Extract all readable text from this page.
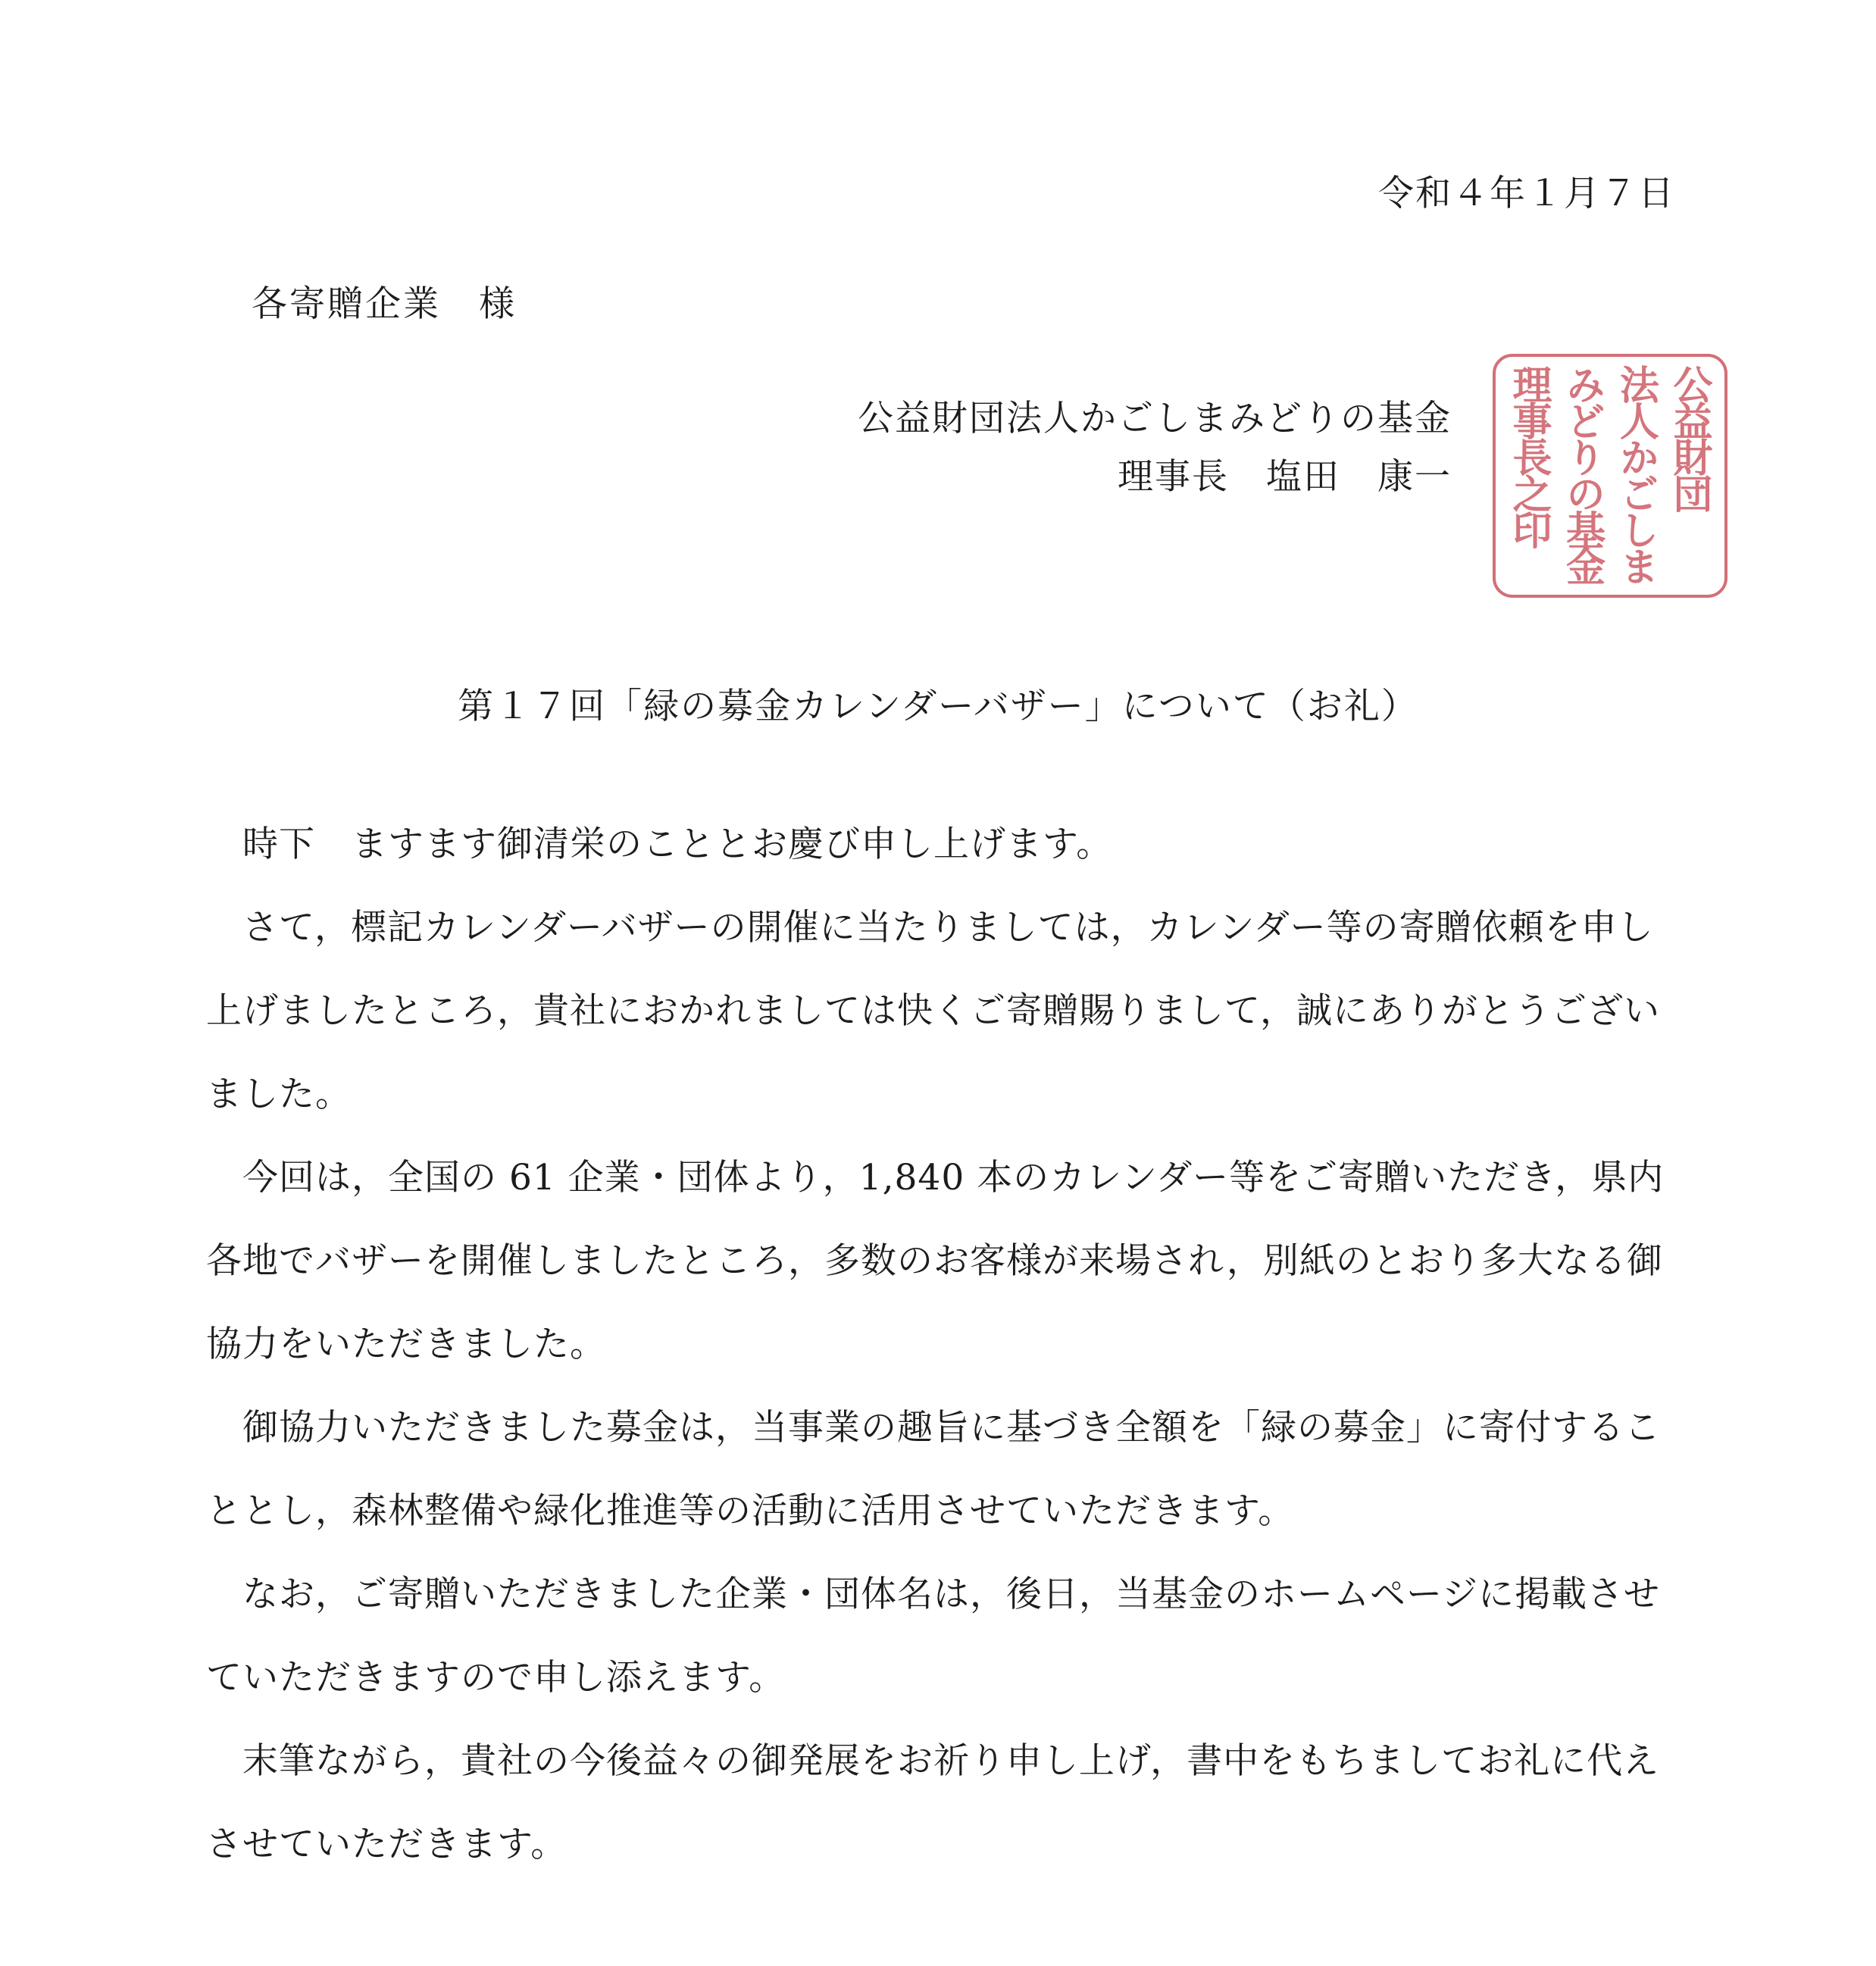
令和４年１月７日
各寄贈企業　様
公益財団法人かごしまみどりの基金
理事長　塩田　康一	公益財団
法人かごしま
みどりの基金
理事長之印
第１７回「緑の募金カレンダーバザー」について（お礼）

時下　ますます御清栄のこととお慶び申し上げます。

さて，標記カレンダーバザーの開催に当たりましては，カレンダー等の寄贈依頼を申し上げましたところ，貴社におかれましては快くご寄贈賜りまして，誠にありがとうございました。

今回は，全国の 61 企業・団体より，1,840 本のカレンダー等をご寄贈いただき，県内各地でバザーを開催しましたところ，多数のお客様が来場され，別紙のとおり多大なる御協力をいただきました。

御協力いただきました募金は，当事業の趣旨に基づき全額を「緑の募金」に寄付することとし，森林整備や緑化推進等の活動に活用させていただきます。

なお，ご寄贈いただきました企業・団体名は，後日，当基金のホームページに掲載させていただきますので申し添えます。

末筆ながら，貴社の今後益々の御発展をお祈り申し上げ，書中をもちましてお礼に代えさせていただきます。
